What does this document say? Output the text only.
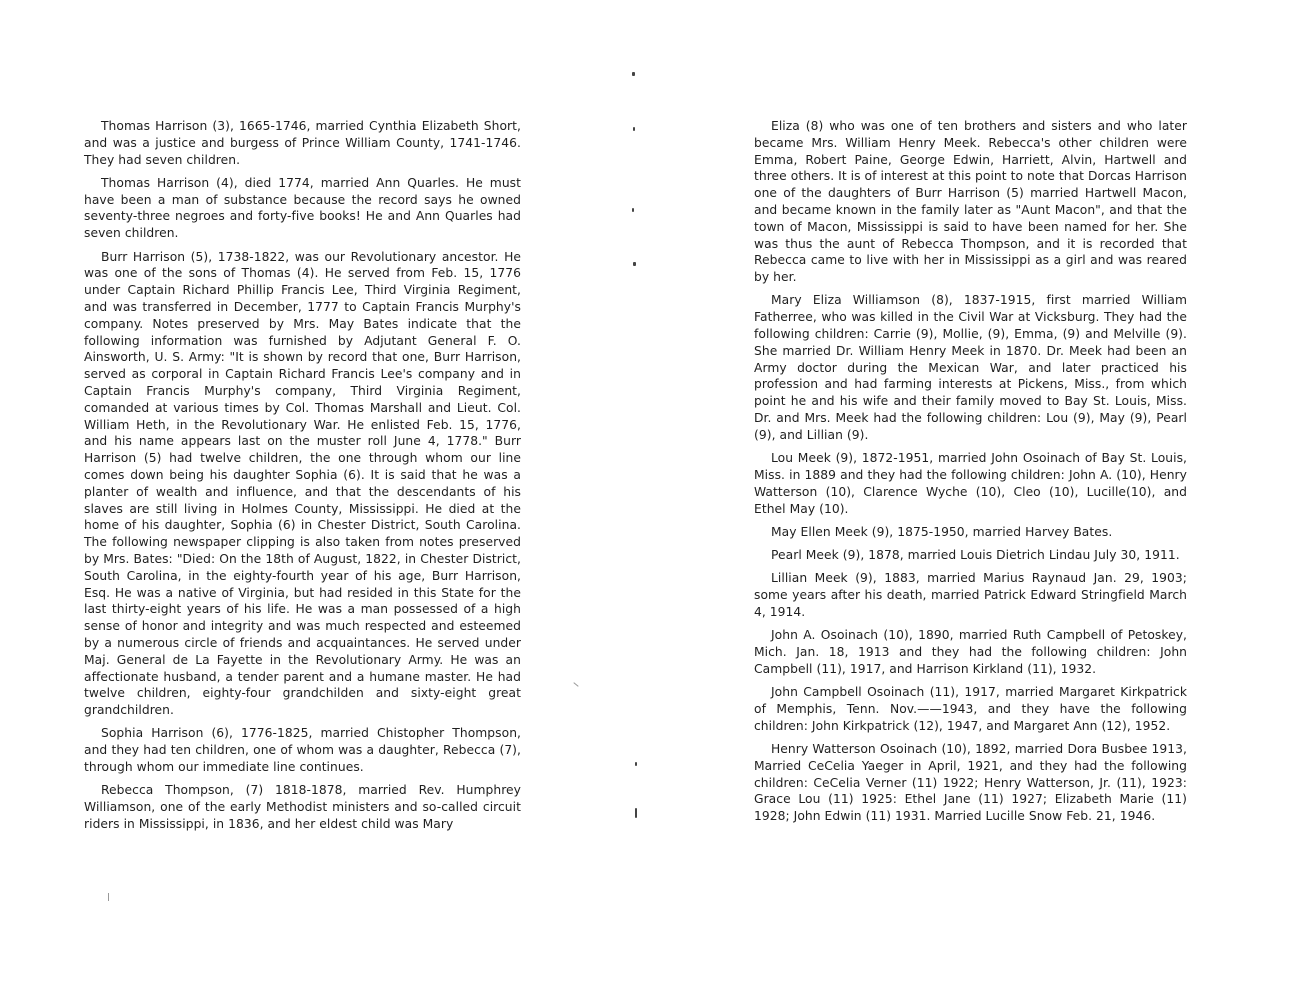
Thomas Harrison (3), 1665-1746, married Cynthia Elizabeth Short, and was a justice and burgess of Prince William County, 1741-1746. They had seven children.

Thomas Harrison (4), died 1774, married Ann Quarles. He must have been a man of substance because the record says he owned seventy-three negroes and forty-five books! He and Ann Quarles had seven children.

Burr Harrison (5), 1738-1822, was our Revolutionary ancestor. He was one of the sons of Thomas (4). He served from Feb. 15, 1776 under Captain Richard Phillip Francis Lee, Third Virginia Regiment, and was transferred in December, 1777 to Captain Francis Murphy's company. Notes preserved by Mrs. May Bates indicate that the following information was furnished by Adjutant General F. O. Ainsworth, U. S. Army: "It is shown by record that one, Burr Harrison, served as corporal in Captain Richard Francis Lee's company and in Captain Francis Murphy's company, Third Virginia Regiment, comanded at various times by Col. Thomas Marshall and Lieut. Col. William Heth, in the Revolutionary War. He enlisted Feb. 15, 1776, and his name appears last on the muster roll June 4, 1778." Burr Harrison (5) had twelve children, the one through whom our line comes down being his daughter Sophia (6). It is said that he was a planter of wealth and influence, and that the descendants of his slaves are still living in Holmes County, Mississippi. He died at the home of his daughter, Sophia (6) in Chester District, South Carolina. The following newspaper clipping is also taken from notes preserved by Mrs. Bates: "Died: On the 18th of August, 1822, in Chester District, South Carolina, in the eighty-fourth year of his age, Burr Harrison, Esq. He was a native of Virginia, but had resided in this State for the last thirty-eight years of his life. He was a man possessed of a high sense of honor and integrity and was much respected and esteemed by a numerous circle of friends and acquaintances. He served under Maj. General de La Fayette in the Revolutionary Army. He was an affectionate husband, a tender parent and a humane master. He had twelve children, eighty-four grandchilden and sixty-eight great grandchildren.

Sophia Harrison (6), 1776-1825, married Chistopher Thompson, and they had ten children, one of whom was a daughter, Rebecca (7), through whom our immediate line continues.

Rebecca Thompson, (7) 1818-1878, married Rev. Humphrey Williamson, one of the early Methodist ministers and so-called circuit riders in Mississippi, in 1836, and her eldest child was Mary

Eliza (8) who was one of ten brothers and sisters and who later became Mrs. William Henry Meek. Rebecca's other children were Emma, Robert Paine, George Edwin, Harriett, Alvin, Hartwell and three others. It is of interest at this point to note that Dorcas Harrison one of the daughters of Burr Harrison (5) married Hartwell Macon, and became known in the family later as "Aunt Macon", and that the town of Macon, Mississippi is said to have been named for her. She was thus the aunt of Rebecca Thompson, and it is recorded that Rebecca came to live with her in Mississippi as a girl and was reared by her.

Mary Eliza Williamson (8), 1837-1915, first married William Fatherree, who was killed in the Civil War at Vicksburg. They had the following children: Carrie (9), Mollie, (9), Emma, (9) and Melville (9). She married Dr. William Henry Meek in 1870. Dr. Meek had been an Army doctor during the Mexican War, and later practiced his profession and had farming interests at Pickens, Miss., from which point he and his wife and their family moved to Bay St. Louis, Miss. Dr. and Mrs. Meek had the following children: Lou (9), May (9), Pearl (9), and Lillian (9).

Lou Meek (9), 1872-1951, married John Osoinach of Bay St. Louis, Miss. in 1889 and they had the following children: John A. (10), Henry Watterson (10), Clarence Wyche (10), Cleo (10), Lucille(10), and Ethel May (10).

May Ellen Meek (9), 1875-1950, married Harvey Bates.

Pearl Meek (9), 1878, married Louis Dietrich Lindau July 30, 1911.

Lillian Meek (9), 1883, married Marius Raynaud Jan. 29, 1903; some years after his death, married Patrick Edward Stringfield March 4, 1914.

John A. Osoinach (10), 1890, married Ruth Campbell of Petoskey, Mich. Jan. 18, 1913 and they had the following children: John Campbell (11), 1917, and Harrison Kirkland (11), 1932.

John Campbell Osoinach (11), 1917, married Margaret Kirkpatrick of Memphis, Tenn. Nov.——1943, and they have the following children: John Kirkpatrick (12), 1947, and Margaret Ann (12), 1952.

Henry Watterson Osoinach (10), 1892, married Dora Busbee 1913, Married CeCelia Yaeger in April, 1921, and they had the following children: CeCelia Verner (11) 1922; Henry Watterson, Jr. (11), 1923: Grace Lou (11) 1925: Ethel Jane (11) 1927; Elizabeth Marie (11) 1928; John Edwin (11) 1931. Married Lucille Snow Feb. 21, 1946.
